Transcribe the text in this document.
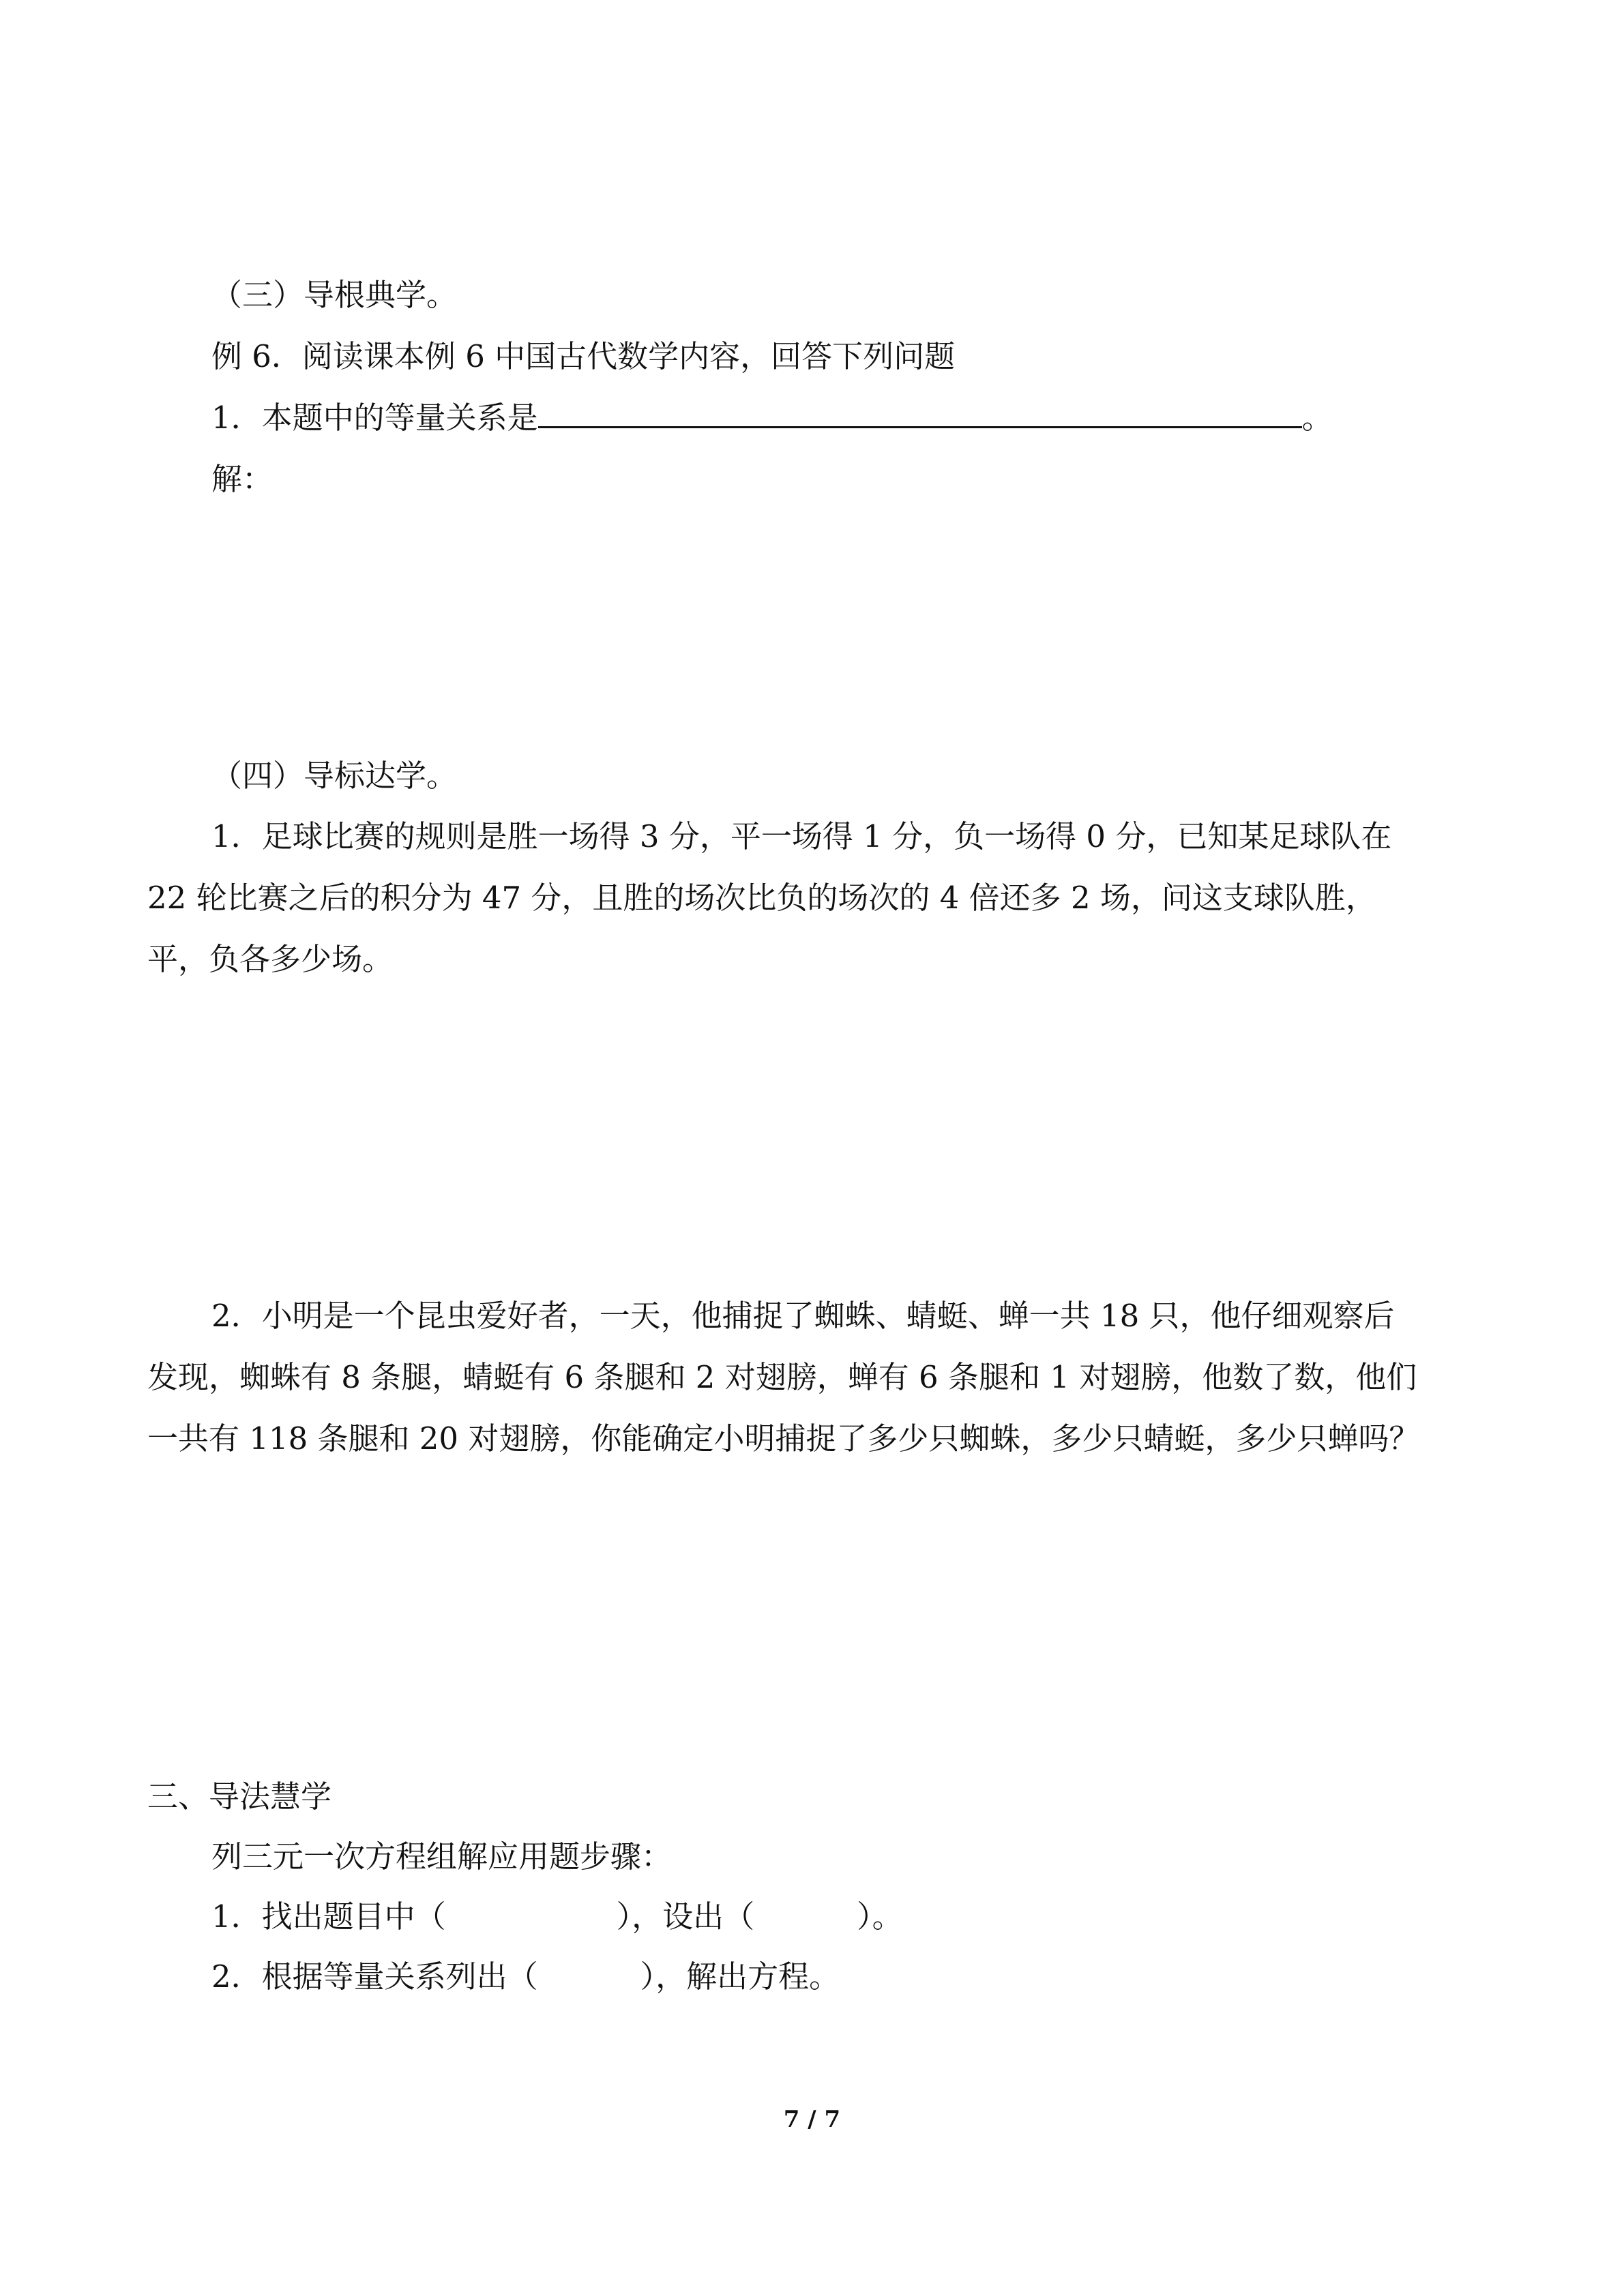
（三）导根典学。
例 6．阅读课本例 6 中国古代数学内容，回答下列问题
1．本题中的等量关系是	。
解：
（四）导标达学。
1．足球比赛的规则是胜一场得 3 分，平一场得 1 分，负一场得 0 分，已知某足球队在
22 轮比赛之后的积分为 47 分，且胜的场次比负的场次的 4 倍还多 2 场，问这支球队胜，
平，负各多少场。
2．小明是一个昆虫爱好者，一天，他捕捉了蜘蛛、蜻蜓、蝉一共 18 只，他仔细观察后
发现，蜘蛛有 8 条腿，蜻蜓有 6 条腿和 2 对翅膀，蝉有 6 条腿和 1 对翅膀，他数了数，他们
一共有 118 条腿和 20 对翅膀，你能确定小明捕捉了多少只蜘蛛，多少只蜻蜓，多少只蝉吗？
三、导法慧学
列三元一次方程组解应用题步骤：
1．找出题目中（	），设出（	）。
2．根据等量关系列出（	），解出方程。
7 / 7
